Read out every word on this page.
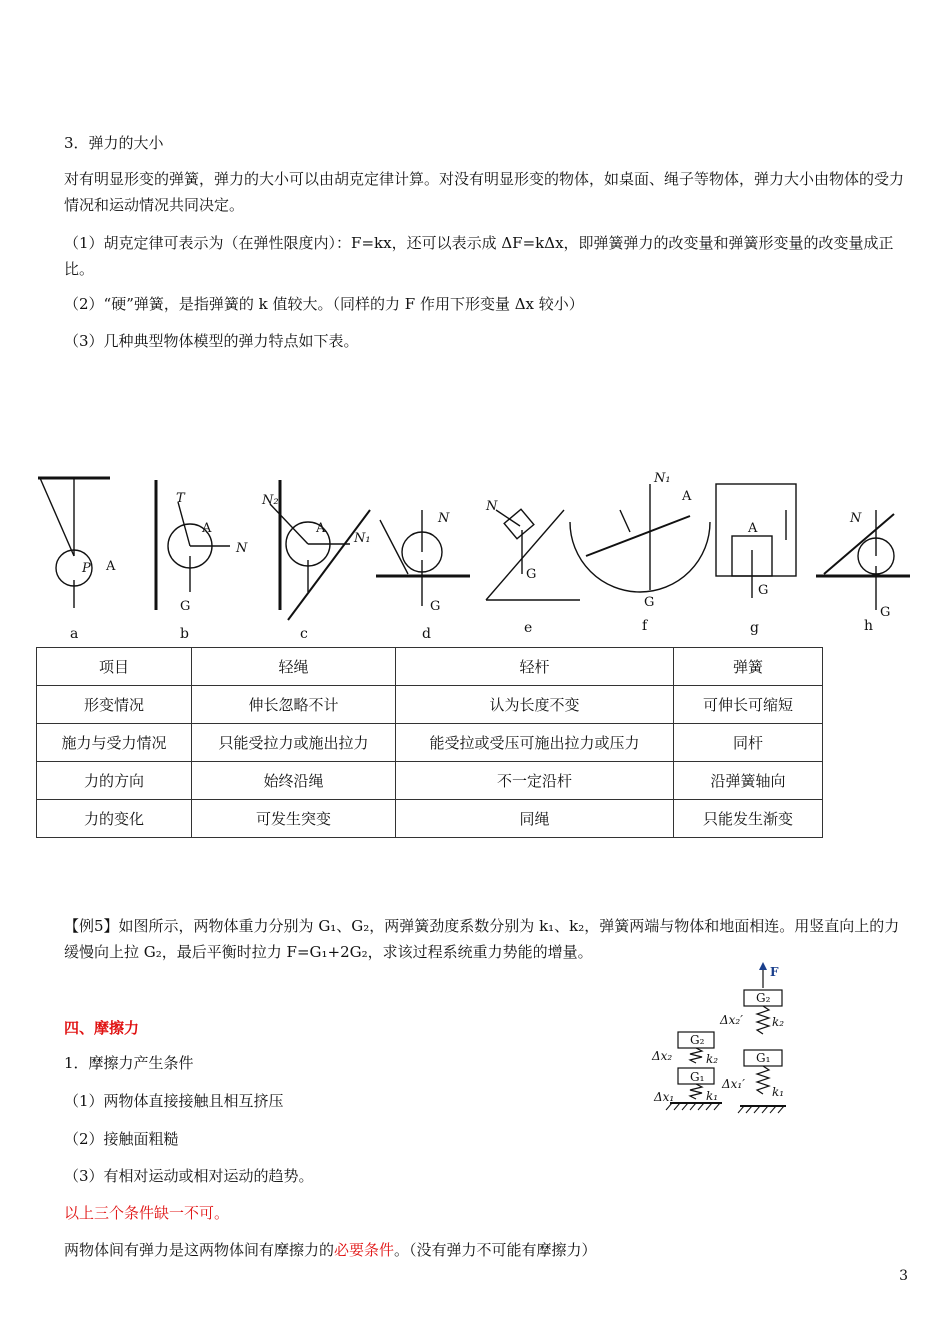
3．弹力的大小

对有明显形变的弹簧，弹力的大小可以由胡克定律计算。对没有明显形变的物体，如桌面、绳子等物体，弹力大小由物体的受力情况和运动情况共同决定。

（1）胡克定律可表示为（在弹性限度内）：F=kx，还可以表示成 ΔF=kΔx，即弹簧弹力的改变量和弹簧形变量的改变量成正比。

（2）“硬”弹簧，是指弹簧的 k 值较大。（同样的力 F 作用下形变量 Δx 较小）

（3）几种典型物体模型的弹力特点如下表。

A
P
A
N
G
T
A
N₂
N₁
N
G
N
G
N₁
A
G
A
G
N
G
a	b	c	d	e	f	g	h
项目	轻绳	轻杆	弹簧
形变情况	伸长忽略不计	认为长度不变	可伸长可缩短
施力与受力情况	只能受拉力或施出拉力	能受拉或受压可施出拉力或压力	同杆
力的方向	始终沿绳	不一定沿杆	沿弹簧轴向
力的变化	可发生突变	同绳	只能发生渐变

【例5】如图所示，两物体重力分别为 G₁、G₂，两弹簧劲度系数分别为 k₁、k₂，弹簧两端与物体和地面相连。用竖直向上的力缓慢向上拉 G₂，最后平衡时拉力 F=G₁+2G₂，求该过程系统重力势能的增量。

四、摩擦力

1．摩擦力产生条件

（1）两物体直接接触且相互挤压

（2）接触面粗糙

（3）有相对运动或相对运动的趋势。

以上三个条件缺一不可。

两物体间有弹力是这两物体间有摩擦力的必要条件。（没有弹力不可能有摩擦力）

F
G₂
G₁
G₂
G₁
k₂
k₁
k₂
k₁
Δx₂
Δx₁
Δx₂′
Δx₁′
3
